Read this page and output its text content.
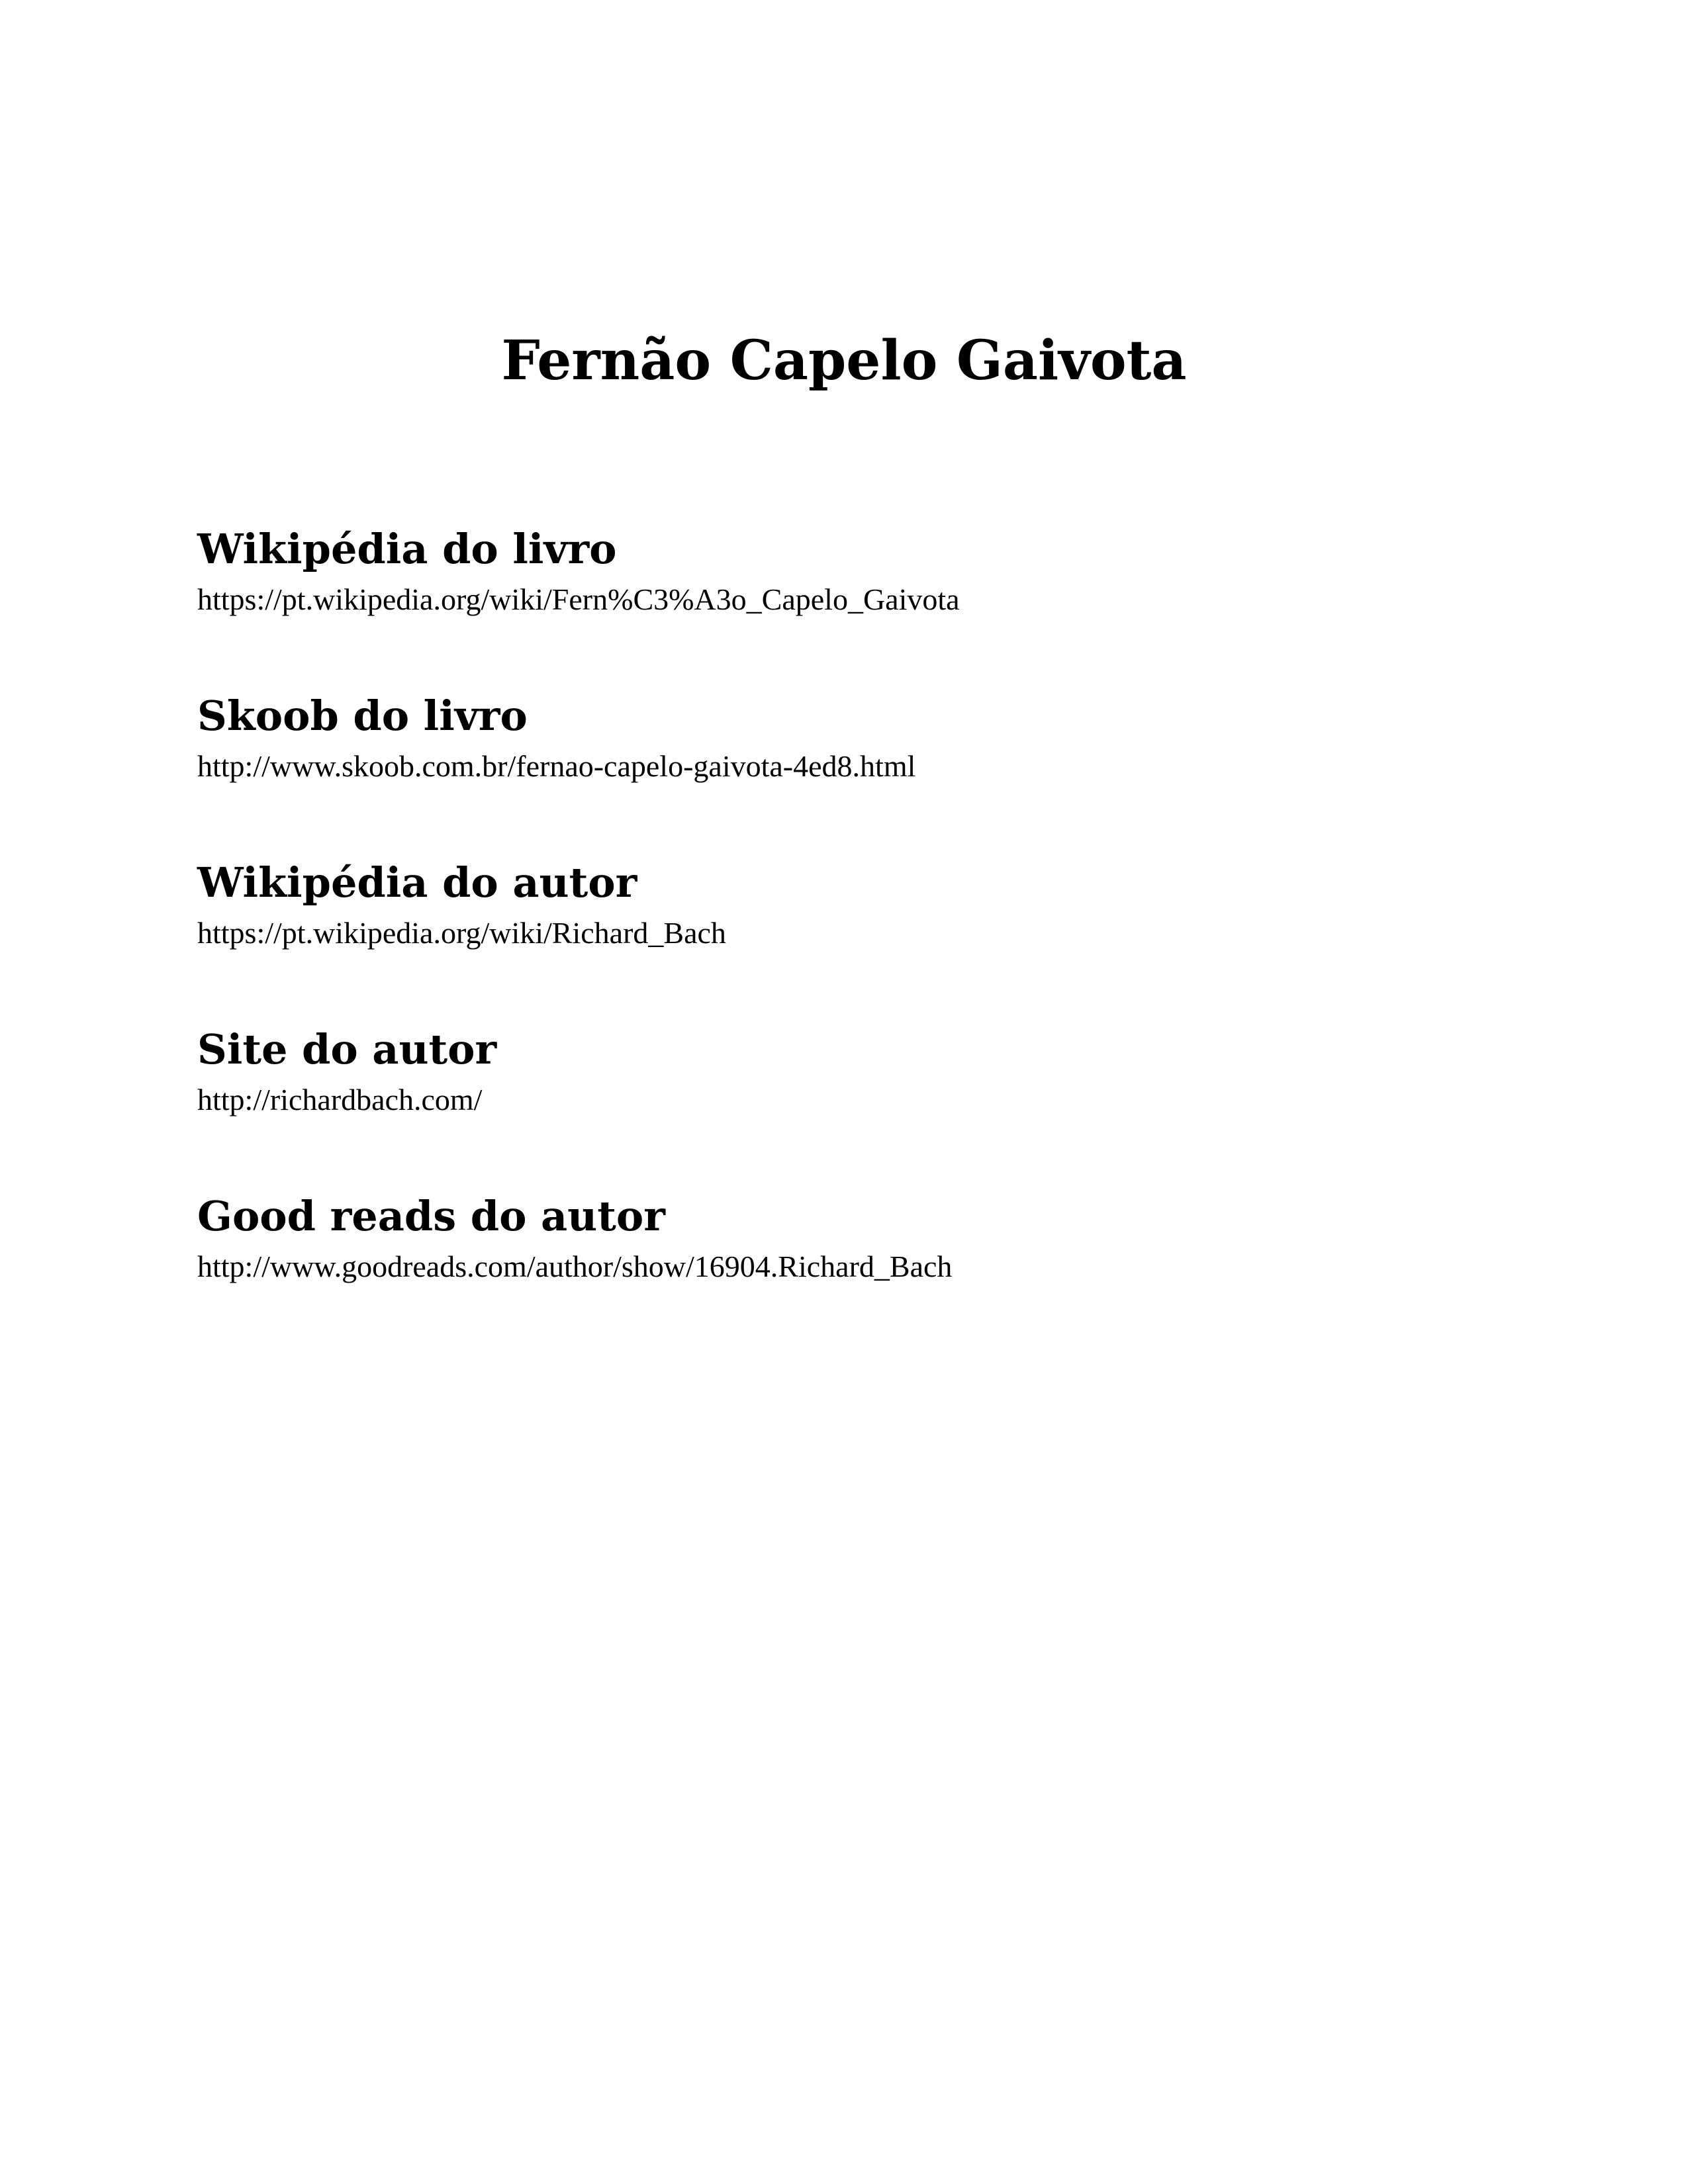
Fernão Capelo Gaivota
Wikipédia do livro
https://pt.wikipedia.org/wiki/Fern%C3%A3o_Capelo_Gaivota
Skoob do livro
http://www.skoob.com.br/fernao-capelo-gaivota-4ed8.html
Wikipédia do autor
https://pt.wikipedia.org/wiki/Richard_Bach
Site do autor
http://richardbach.com/
Good reads do autor
http://www.goodreads.com/author/show/16904.Richard_Bach
